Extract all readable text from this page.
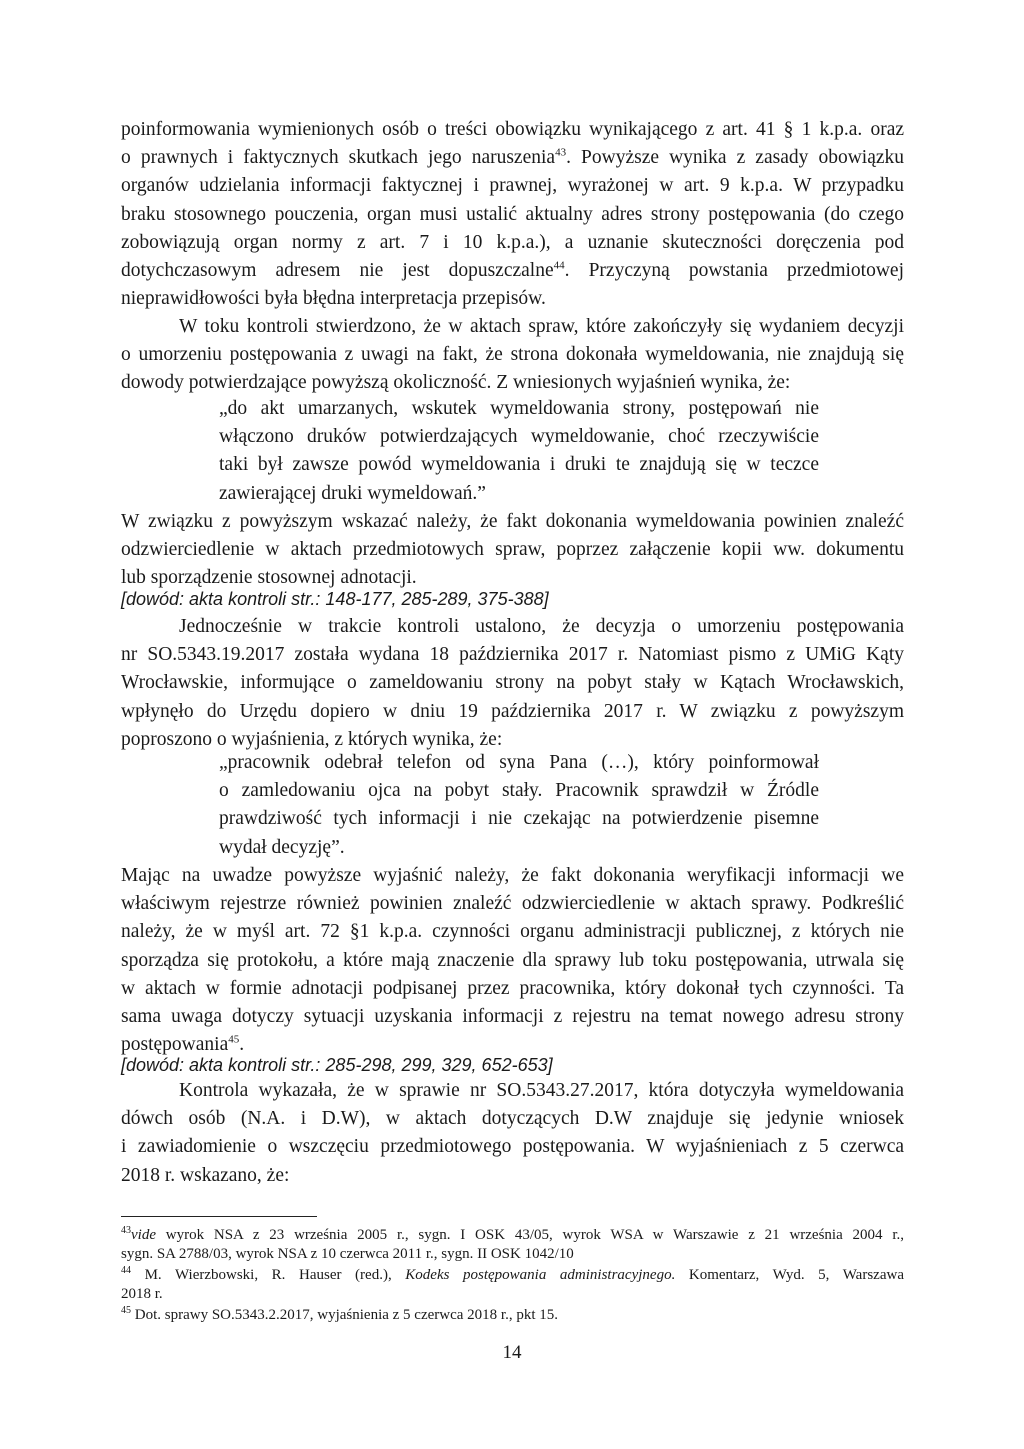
poinformowania wymienionych osób o treści obowiązku wynikającego z art. 41 § 1 k.p.a. oraz
o prawnych i faktycznych skutkach jego naruszenia$^{43}$. Powyższe wynika z zasady obowiązku
organów udzielania informacji faktycznej i prawnej, wyrażonej w art. 9 k.p.a. W przypadku
braku stosownego pouczenia, organ musi ustalić aktualny adres strony postępowania (do czego
zobowiązują organ normy z art. 7 i 10 k.p.a.), a uznanie skuteczności doręczenia pod
dotychczasowym adresem nie jest dopuszczalne$^{44}$. Przyczyną powstania przedmiotowej
nieprawidłowości była błędna interpretacja przepisów.
W toku kontroli stwierdzono, że w aktach spraw, które zakończyły się wydaniem decyzji
o umorzeniu postępowania z uwagi na fakt, że strona dokonała wymeldowania, nie znajdują się
dowody potwierdzające powyższą okoliczność. Z wniesionych wyjaśnień wynika, że:
„do akt umarzanych, wskutek wymeldowania strony, postępowań nie
włączono druków potwierdzających wymeldowanie, choć rzeczywiście
taki był zawsze powód wymeldowania i druki te znajdują się w teczce
zawierającej druki wymeldowań.”
W związku z powyższym wskazać należy, że fakt dokonania wymeldowania powinien znaleźć
odzwierciedlenie w aktach przedmiotowych spraw, poprzez załączenie kopii ww. dokumentu
lub sporządzenie stosownej adnotacji.
[dowód: akta kontroli str.: 148-177, 285-289, 375-388]
Jednocześnie w trakcie kontroli ustalono, że decyzja o umorzeniu postępowania
nr SO.5343.19.2017 została wydana 18 października 2017 r. Natomiast pismo z UMiG Kąty
Wrocławskie, informujące o zameldowaniu strony na pobyt stały w Kątach Wrocławskich,
wpłynęło do Urzędu dopiero w dniu 19 października 2017 r. W związku z powyższym
poproszono o wyjaśnienia, z których wynika, że:
„pracownik odebrał telefon od syna Pana (…), który poinformował
o zamledowaniu ojca na pobyt stały. Pracownik sprawdził w Źródle
prawdziwość tych informacji i nie czekając na potwierdzenie pisemne
wydał decyzję”.
Mając na uwadze powyższe wyjaśnić należy, że fakt dokonania weryfikacji informacji we
właściwym rejestrze również powinien znaleźć odzwierciedlenie w aktach sprawy. Podkreślić
należy, że w myśl art. 72 §1 k.p.a. czynności organu administracji publicznej, z których nie
sporządza się protokołu, a które mają znaczenie dla sprawy lub toku postępowania, utrwala się
w aktach w formie adnotacji podpisanej przez pracownika, który dokonał tych czynności. Ta
sama uwaga dotyczy sytuacji uzyskania informacji z rejestru na temat nowego adresu strony
postępowania$^{45}$.
[dowód: akta kontroli str.: 285-298, 299, 329, 652-653]
Kontrola wykazała, że w sprawie nr SO.5343.27.2017, która dotyczyła wymeldowania
dówch osób (N.A. i D.W), w aktach dotyczących D.W znajduje się jedynie wniosek
i zawiadomienie o wszczęciu przedmiotowego postępowania. W wyjaśnieniach z 5 czerwca
2018 r. wskazano, że:
$^{43}$vide wyrok NSA z 23 września 2005 r., sygn. I OSK 43/05, wyrok WSA w Warszawie z 21 września 2004 r.,
sygn. SA 2788/03, wyrok NSA z 10 czerwca 2011 r., sygn. II OSK 1042/10
$^{44}$ M. Wierzbowski, R. Hauser (red.), Kodeks postępowania administracyjnego. Komentarz, Wyd. 5, Warszawa
2018 r.
$^{45}$ Dot. sprawy SO.5343.2.2017, wyjaśnienia z 5 czerwca 2018 r., pkt 15.
14
